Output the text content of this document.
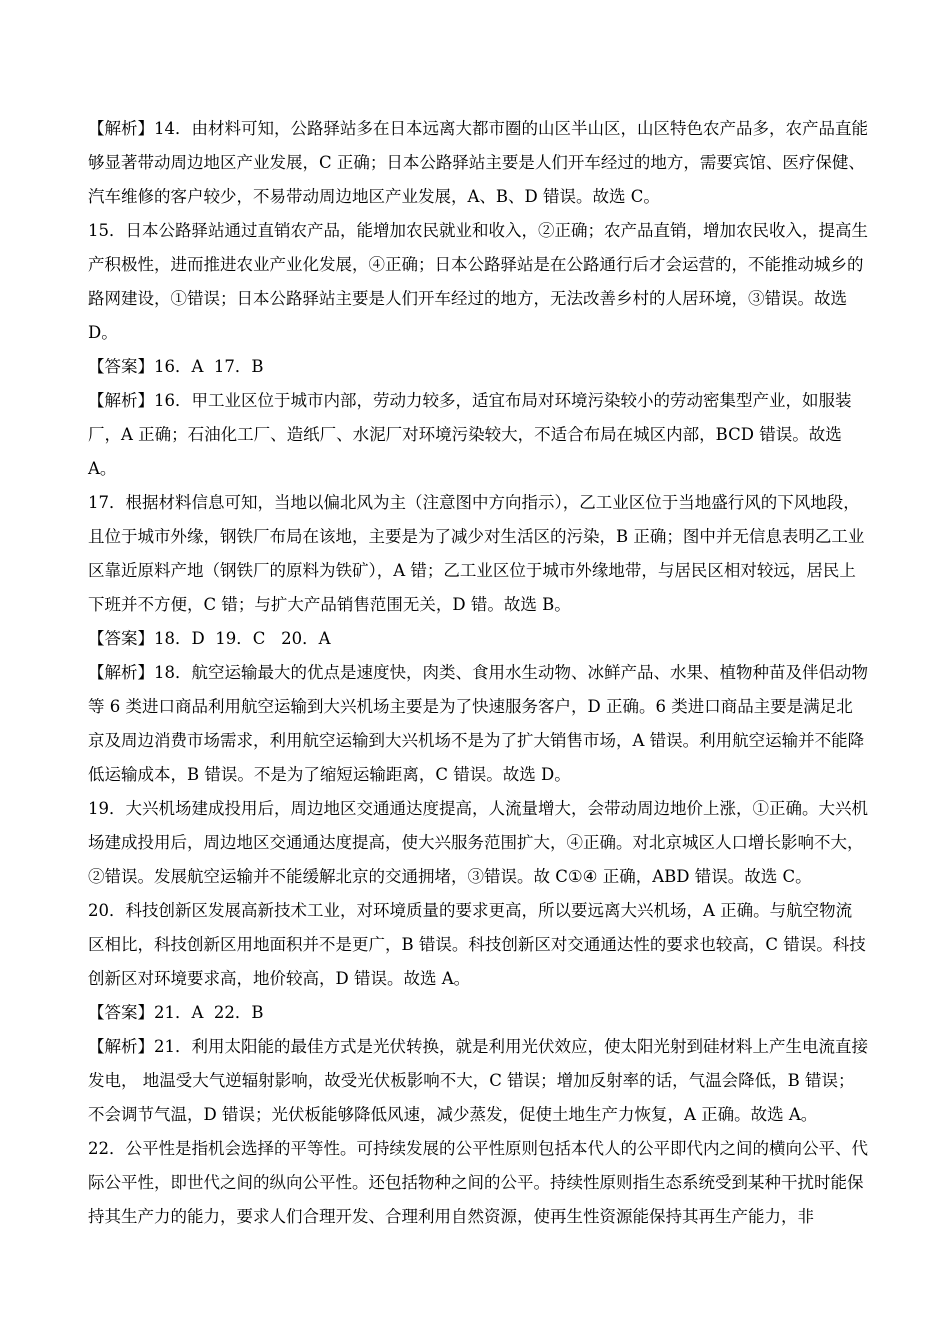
【解析】14．由材料可知，公路驿站多在日本远离大都市圈的山区半山区，山区特色农产品多，农产品直能够显著带动周边地区产业发展，C 正确；日本公路驿站主要是人们开车经过的地方，需要宾馆、医疗保健、汽车维修的客户较少，不易带动周边地区产业发展，A、B、D 错误。故选 C。

15．日本公路驿站通过直销农产品，能增加农民就业和收入，②正确；农产品直销，增加农民收入，提高生产积极性，进而推进农业产业化发展，④正确；日本公路驿站是在公路通行后才会运营的，不能推动城乡的路网建设，①错误；日本公路驿站主要是人们开车经过的地方，无法改善乡村的人居环境，③错误。故选 D。

【答案】16．A  17．B

【解析】16．甲工业区位于城市内部，劳动力较多，适宜布局对环境污染较小的劳动密集型产业，如服装厂，A 正确；石油化工厂、造纸厂、水泥厂对环境污染较大，不适合布局在城区内部，BCD 错误。故选A。

17．根据材料信息可知，当地以偏北风为主（注意图中方向指示），乙工业区位于当地盛行风的下风地段，且位于城市外缘，钢铁厂布局在该地，主要是为了减少对生活区的污染，B 正确；图中并无信息表明乙工业区靠近原料产地（钢铁厂的原料为铁矿），A 错；乙工业区位于城市外缘地带，与居民区相对较远，居民上下班并不方便，C 错；与扩大产品销售范围无关，D 错。故选 B。

【答案】18．D  19．C   20．A

【解析】18．航空运输最大的优点是速度快，肉类、食用水生动物、冰鲜产品、水果、植物种苗及伴侣动物等 6 类进口商品利用航空运输到大兴机场主要是为了快速服务客户，D 正确。6 类进口商品主要是满足北京及周边消费市场需求，利用航空运输到大兴机场不是为了扩大销售市场，A 错误。利用航空运输并不能降低运输成本，B 错误。不是为了缩短运输距离，C 错误。故选 D。

19．大兴机场建成投用后，周边地区交通通达度提高，人流量增大，会带动周边地价上涨，①正确。大兴机场建成投用后，周边地区交通通达度提高，使大兴服务范围扩大，④正确。对北京城区人口增长影响不大，②错误。发展航空运输并不能缓解北京的交通拥堵，③错误。故 C①④ 正确，ABD 错误。故选 C。

20．科技创新区发展高新技术工业，对环境质量的要求更高，所以要远离大兴机场，A 正确。与航空物流区相比，科技创新区用地面积并不是更广，B 错误。科技创新区对交通通达性的要求也较高，C 错误。科技创新区对环境要求高，地价较高，D 错误。故选 A。

【答案】21．A  22．B

【解析】21．利用太阳能的最佳方式是光伏转换，就是利用光伏效应，使太阳光射到硅材料上产生电流直接发电， 地温受大气逆辐射影响，故受光伏板影响不大，C 错误；增加反射率的话，气温会降低，B 错误；不会调节气温，D 错误；光伏板能够降低风速，减少蒸发，促使土地生产力恢复，A 正确。故选 A。

22．公平性是指机会选择的平等性。可持续发展的公平性原则包括本代人的公平即代内之间的横向公平、代际公平性，即世代之间的纵向公平性。还包括物种之间的公平。持续性原则指生态系统受到某种干扰时能保持其生产力的能力，要求人们合理开发、合理利用自然资源，使再生性资源能保持其再生产能力，非
